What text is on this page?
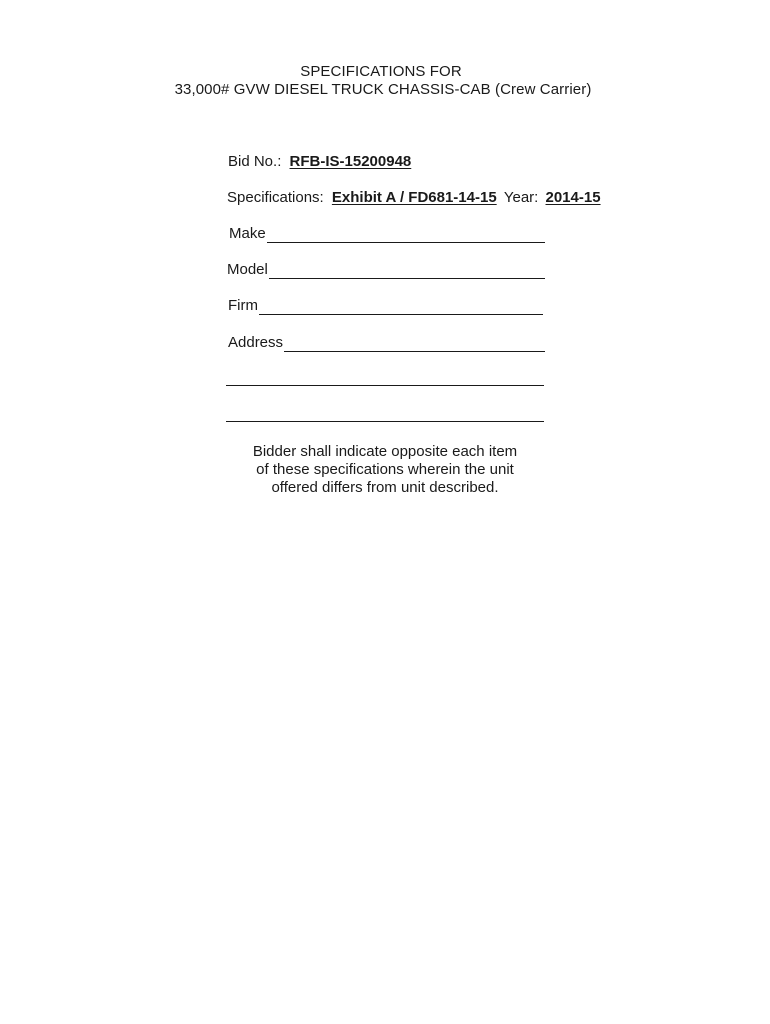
SPECIFICATIONS FOR
33,000# GVW DIESEL TRUCK CHASSIS-CAB (Crew Carrier)
Bid No.: RFB-IS-15200948
Specifications: Exhibit A / FD681-14-15 Year: 2014-15
Make
Model
Firm
Address
Bidder shall indicate opposite each item
of these specifications wherein the unit
offered differs from unit described.
